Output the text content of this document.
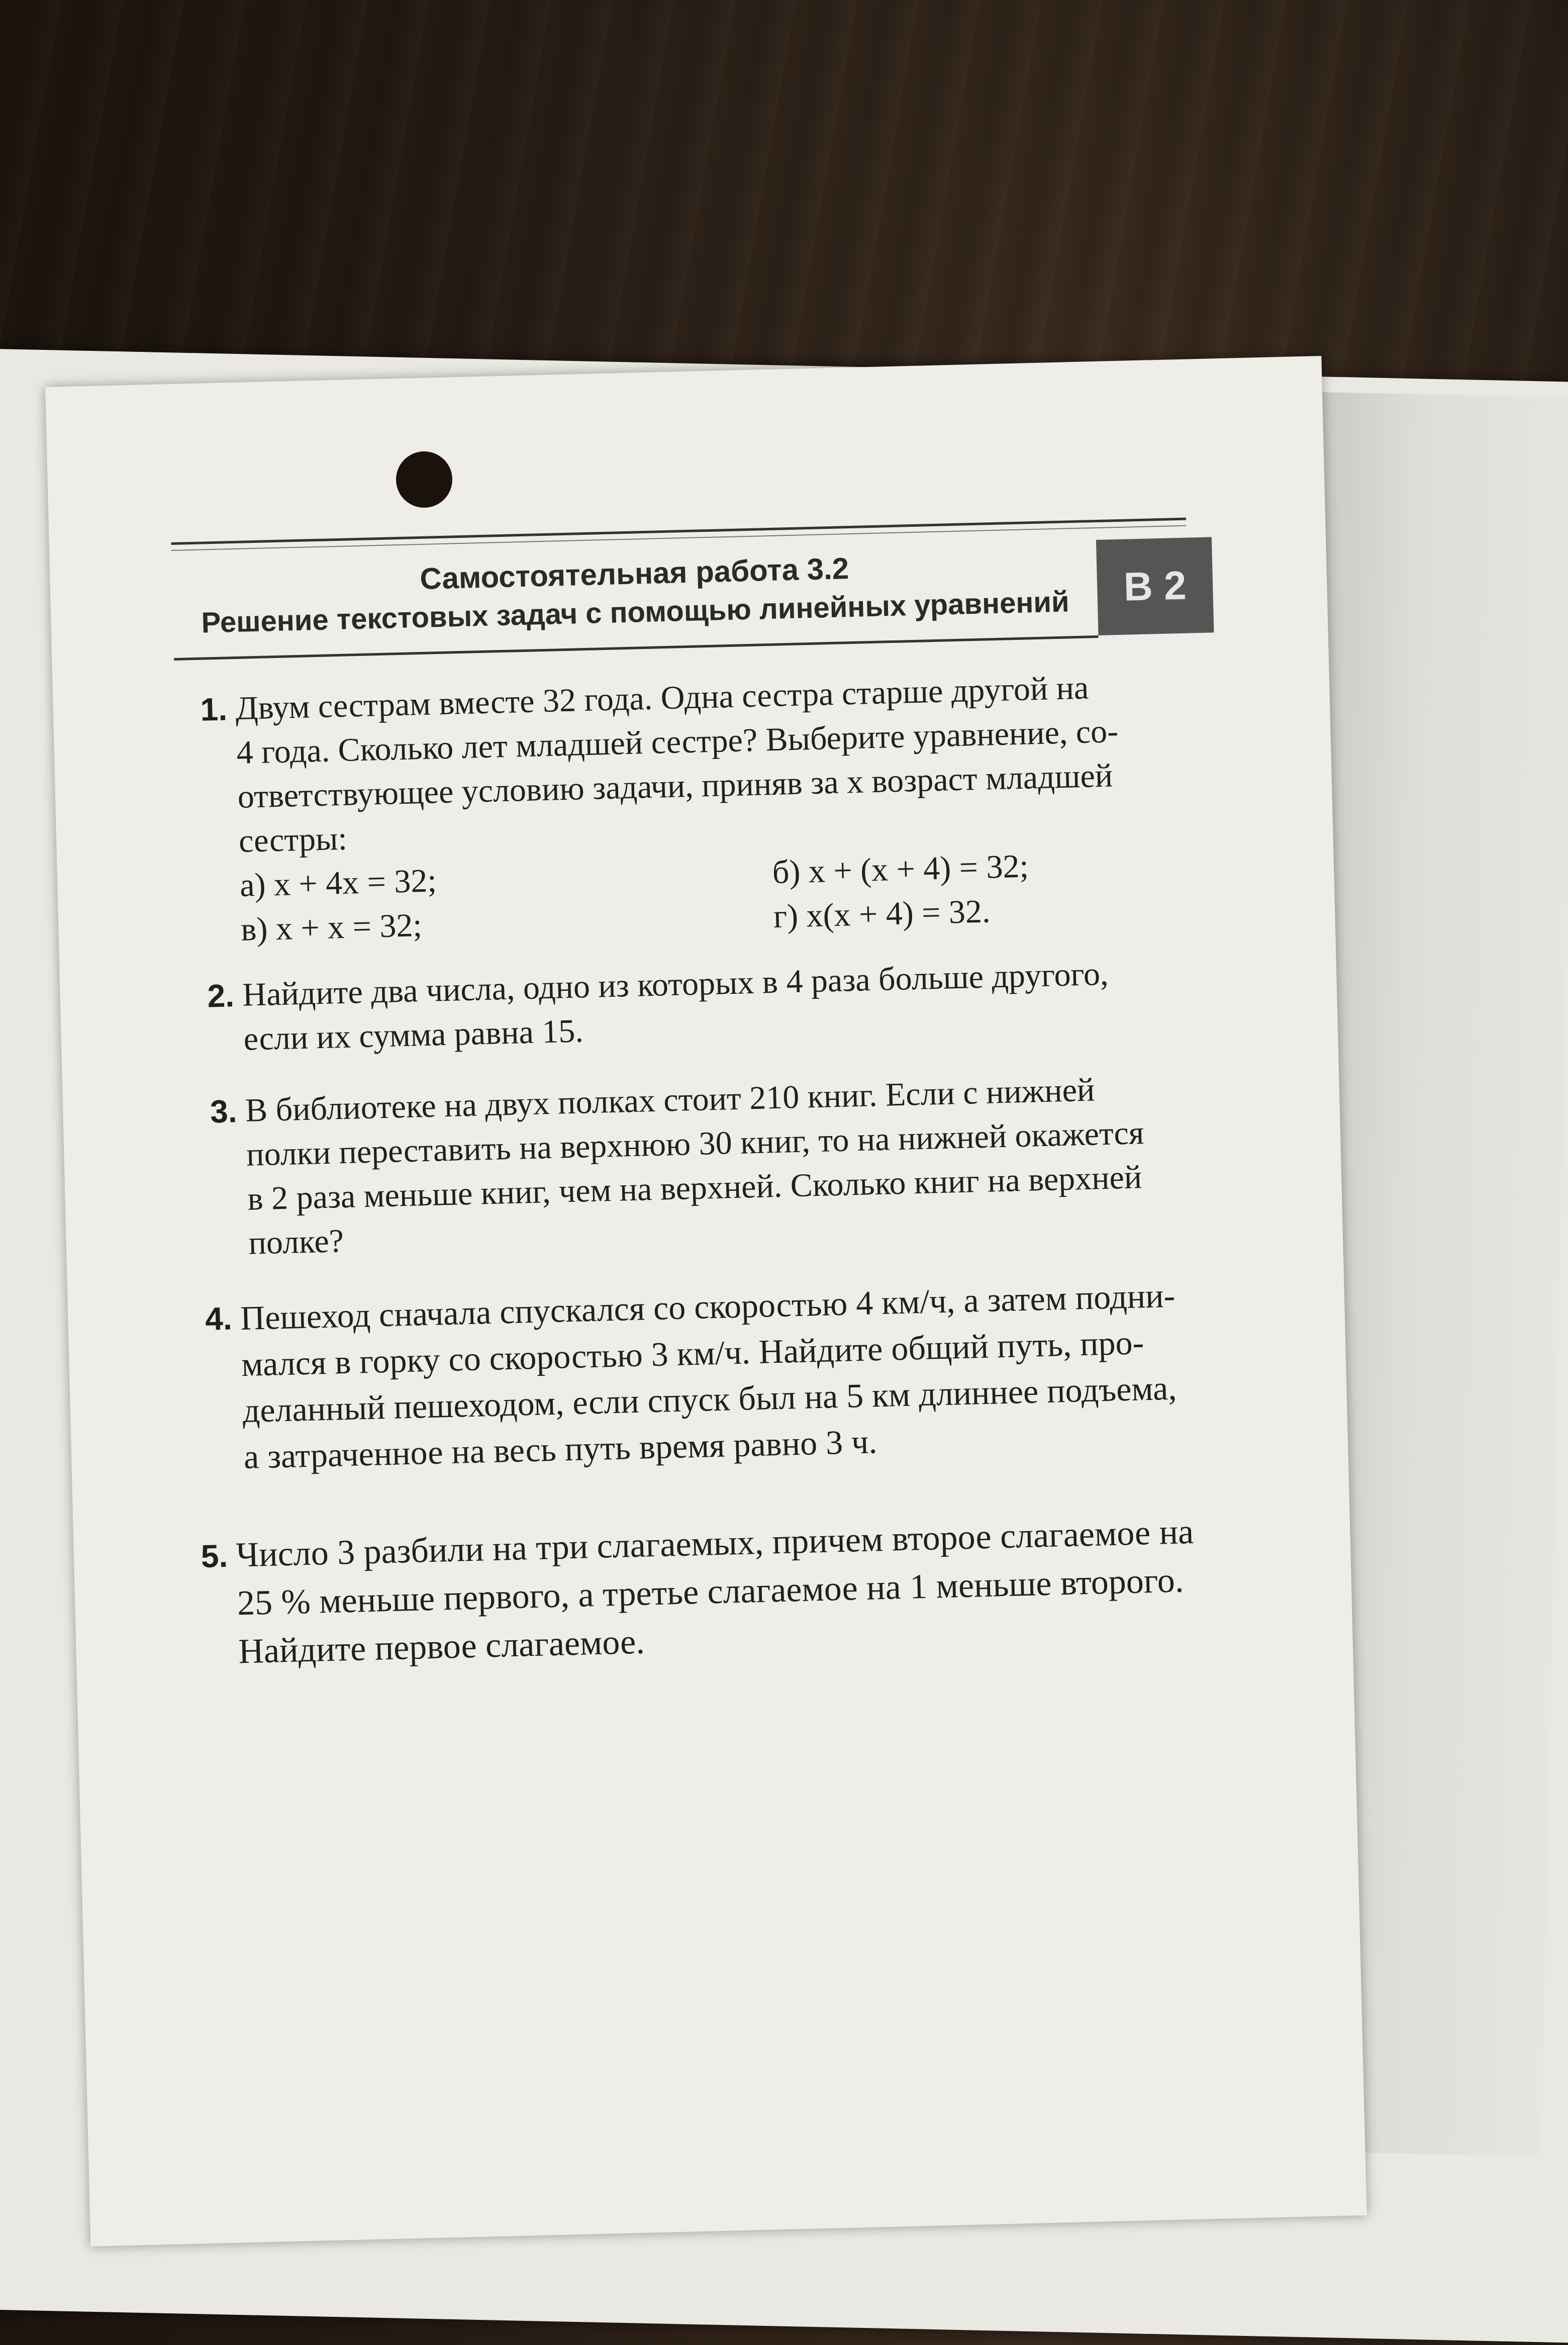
Самостоятельная работа 3.2
Решение текстовых задач с помощью линейных уравнений	В 2
1. Двум сестрам вместе 32 года. Одна сестра старше другой на
4 года. Сколько лет младшей сестре? Выберите уравнение, со-
ответствующее условию задачи, приняв за x возраст младшей
сестры:
а) x + 4x = 32;	б) x + (x + 4) = 32;
в) x + x = 32;	г) x(x + 4) = 32.
2. Найдите два числа, одно из которых в 4 раза больше другого,
если их сумма равна 15.
3. В библиотеке на двух полках стоит 210 книг. Если с нижней
полки переставить на верхнюю 30 книг, то на нижней окажется
в 2 раза меньше книг, чем на верхней. Сколько книг на верхней
полке?
4. Пешеход сначала спускался со скоростью 4 км/ч, а затем подни-
мался в горку со скоростью 3 км/ч. Найдите общий путь, про-
деланный пешеходом, если спуск был на 5 км длиннее подъема,
а затраченное на весь путь время равно 3 ч.
5. Число 3 разбили на три слагаемых, причем второе слагаемое на
25 % меньше первого, а третье слагаемое на 1 меньше второго.
Найдите первое слагаемое.
